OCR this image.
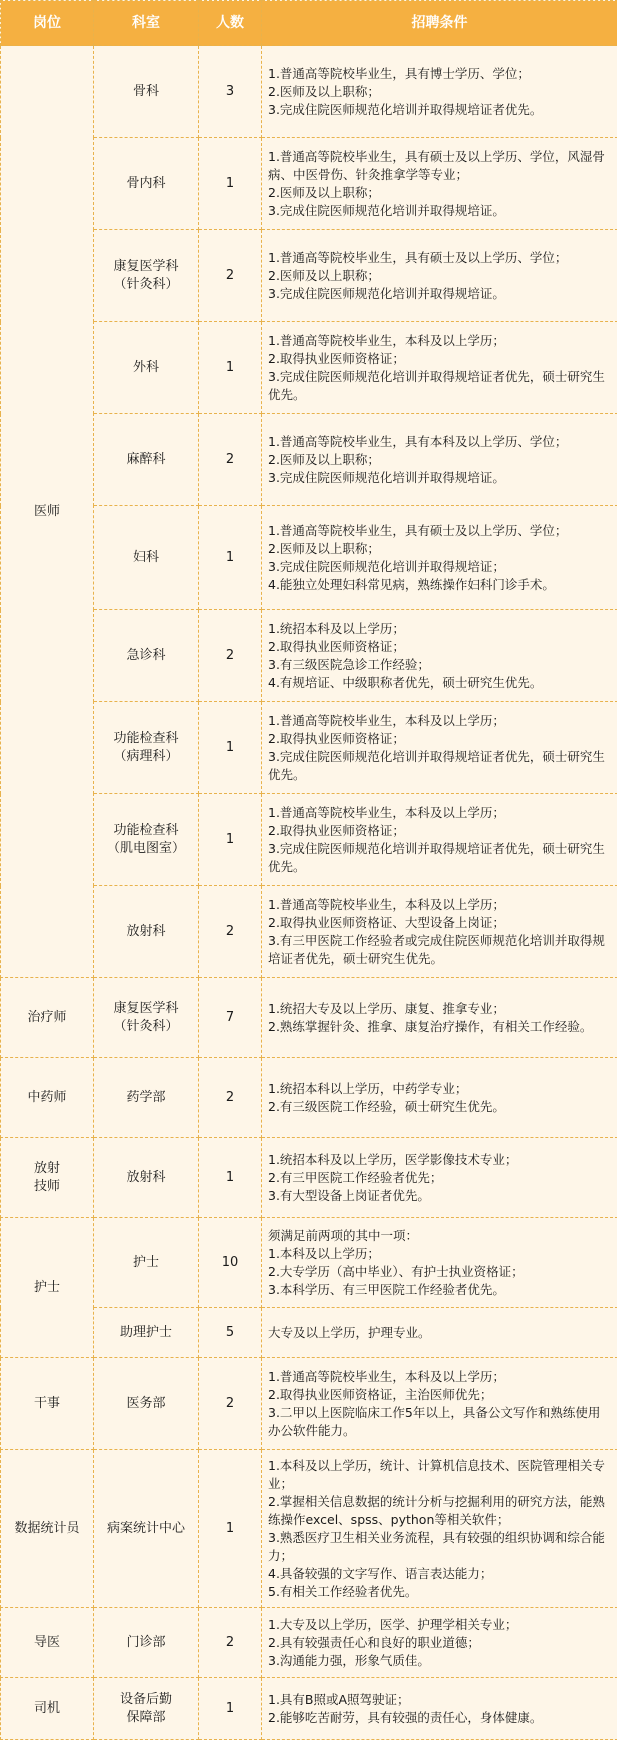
岗位	科室	人数	招聘条件
医师	骨科	3	1.普通高等院校毕业生，具有博士学历、学位；
2.医师及以上职称；
3.完成住院医师规范化培训并取得规培证者优先。
	骨内科	1	1.普通高等院校毕业生，具有硕士及以上学历、学位，风湿骨病、中医骨伤、针灸推拿学等专业；
2.医师及以上职称；
3.完成住院医师规范化培训并取得规培证。
	康复医学科
（针灸科）	2	1.普通高等院校毕业生，具有硕士及以上学历、学位；
2.医师及以上职称；
3.完成住院医师规范化培训并取得规培证。
	外科	1	1.普通高等院校毕业生，本科及以上学历；
2.取得执业医师资格证；
3.完成住院医师规范化培训并取得规培证者优先，硕士研究生优先。
	麻醉科	2	1.普通高等院校毕业生，具有本科及以上学历、学位；
2.医师及以上职称；
3.完成住院医师规范化培训并取得规培证。
	妇科	1	1.普通高等院校毕业生，具有硕士及以上学历、学位；
2.医师及以上职称；
3.完成住院医师规范化培训并取得规培证；
4.能独立处理妇科常见病，熟练操作妇科门诊手术。
	急诊科	2	1.统招本科及以上学历；
2.取得执业医师资格证；
3.有三级医院急诊工作经验；
4.有规培证、中级职称者优先，硕士研究生优先。
	功能检查科
（病理科）	1	1.普通高等院校毕业生，本科及以上学历；
2.取得执业医师资格证；
3.完成住院医师规范化培训并取得规培证者优先，硕士研究生优先。
	功能检查科
（肌电图室）	1	1.普通高等院校毕业生，本科及以上学历；
2.取得执业医师资格证；
3.完成住院医师规范化培训并取得规培证者优先，硕士研究生优先。
	放射科	2	1.普通高等院校毕业生，本科及以上学历；
2.取得执业医师资格证、大型设备上岗证；
3.有三甲医院工作经验者或完成住院医师规范化培训并取得规培证者优先，硕士研究生优先。
治疗师	康复医学科
（针灸科）	7	1.统招大专及以上学历、康复、推拿专业；
2.熟练掌握针灸、推拿、康复治疗操作，有相关工作经验。
中药师	药学部	2	1.统招本科以上学历，中药学专业；
2.有三级医院工作经验，硕士研究生优先。
放射
技师	放射科	1	1.统招本科及以上学历，医学影像技术专业；
2.有三甲医院工作经验者优先；
3.有大型设备上岗证者优先。
护士	护士	10	须满足前两项的其中一项：
1.本科及以上学历；
2.大专学历（高中毕业）、有护士执业资格证；
3.本科学历、有三甲医院工作经验者优先。
	助理护士	5	大专及以上学历，护理专业。
干事	医务部	2	1.普通高等院校毕业生，本科及以上学历；
2.取得执业医师资格证，主治医师优先；
3.二甲以上医院临床工作5年以上，具备公文写作和熟练使用办公软件能力。
数据统计员	病案统计中心	1	1.本科及以上学历，统计、计算机信息技术、医院管理相关专业；
2.掌握相关信息数据的统计分析与挖掘利用的研究方法，能熟练操作excel、spss、python等相关软件；
3.熟悉医疗卫生相关业务流程，具有较强的组织协调和综合能力；
4.具备较强的文字写作、语言表达能力；
5.有相关工作经验者优先。
导医	门诊部	2	1.大专及以上学历，医学、护理学相关专业；
2.具有较强责任心和良好的职业道德；
3.沟通能力强，形象气质佳。
司机	设备后勤
保障部	1	1.具有B照或A照驾驶证；
2.能够吃苦耐劳，具有较强的责任心，身体健康。
